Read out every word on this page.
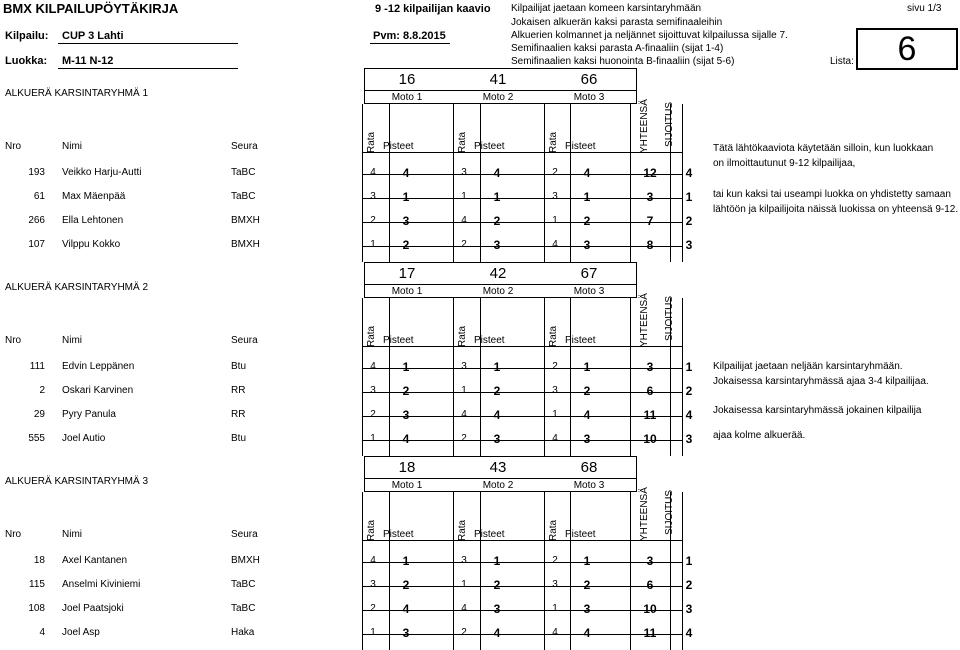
BMX KILPAILUPÖYTÄKIRJA	9 -12 kilpailijan kaavio	sivu 1/3
Kilpailu: CUP 3 Lahti	Pvm: 8.8.2015
Luokka: M-11 N-12
Kilpailijat jaetaan komeen karsintaryhmään
Jokaisen alkuerän kaksi parasta semifinaaleihin
Alkuerien kolmannet ja neljännet sijoittuvat kilpailussa sijalle 7.
Semifinaalien kaksi parasta A-finaaliin (sijat 1-4)
Semifinaalien kaksi huonointa B-finaaliin (sijat 5-6)	Lista:	6
16	41	66
Moto 1	Moto 2	Moto 3
ALKUERÄ KARSINTARYHMÄ 1
Nro	Nimi	Seura	Rata Pisteet	Rata Pisteet	Rata Pisteet	YHTEENSÄ SIJOITUS
193 Veikko Harju-Autti	TaBC	4	4	3	4	2	4	12	4
61 Max Mäenpää	TaBC	3	1	1	1	3	1	3	1
266 Ella Lehtonen	BMXH	2	3	4	2	1	2	7	2
107 Vilppu Kokko	BMXH	1	2	2	3	4	3	8	3
Tätä lähtökaaviota käytetään silloin, kun luokkaan
on ilmoittautunut 9-12 kilpailijaa,
tai kun kaksi tai useampi luokka on yhdistetty samaan
lähtöön ja kilpailijoita näissä luokissa on yhteensä 9-12.
17	42	67
Moto 1	Moto 2	Moto 3
ALKUERÄ KARSINTARYHMÄ 2
Nro	Nimi	Seura	Rata Pisteet	Rata Pisteet	Rata Pisteet	YHTEENSÄ SIJOITUS
111 Edvin Leppänen	Btu	4	1	3	1	2	1	3	1
2 Oskari Karvinen	RR	3	2	1	2	3	2	6	2
29 Pyry Panula	RR	2	3	4	4	1	4	11	4
555 Joel Autio	Btu	1	4	2	3	4	3	10	3
Kilpailijat jaetaan neljään karsintaryhmään.
Jokaisessa karsintaryhmässä ajaa 3-4 kilpailijaa.
Jokaisessa karsintaryhmässä jokainen kilpailija
ajaa kolme alkuerää.
18	43	68
Moto 1	Moto 2	Moto 3
ALKUERÄ KARSINTARYHMÄ 3
Nro	Nimi	Seura	Rata Pisteet	Rata Pisteet	Rata Pisteet	YHTEENSÄ SIJOITUS
18 Axel Kantanen	BMXH	4	1	3	1	2	1	3	1
115 Anselmi Kiviniemi	TaBC	3	2	1	2	3	2	6	2
108 Joel Paatsjoki	TaBC	2	4	4	3	1	3	10	3
4 Joel Asp	Haka	1	3	2	4	4	4	11	4
